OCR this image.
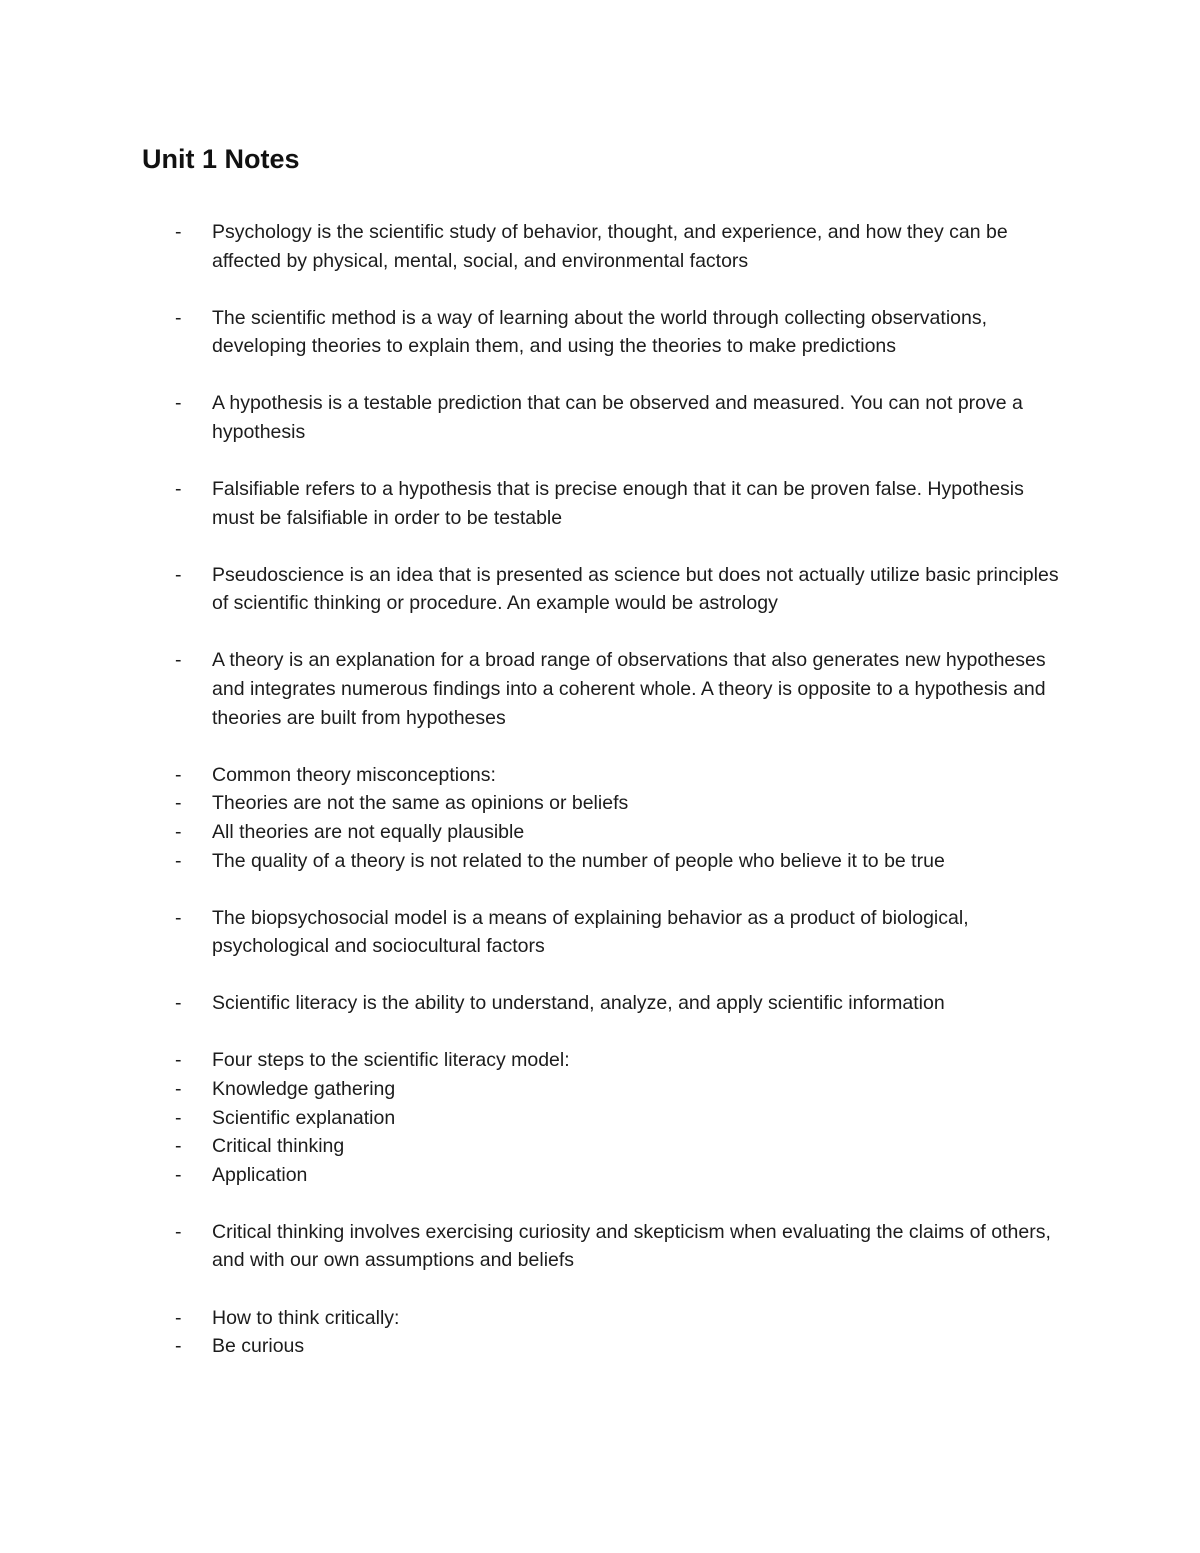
Unit 1 Notes
- Psychology is the scientific study of behavior, thought, and experience, and how they can be affected by physical, mental, social, and environmental factors
- The scientific method is a way of learning about the world through collecting observations, developing theories to explain them, and using the theories to make predictions
- A hypothesis is a testable prediction that can be observed and measured. You can not prove a hypothesis
- Falsifiable refers to a hypothesis that is precise enough that it can be proven false. Hypothesis must be falsifiable in order to be testable
- Pseudoscience is an idea that is presented as science but does not actually utilize basic principles of scientific thinking or procedure. An example would be astrology
- A theory is an explanation for a broad range of observations that also generates new hypotheses and integrates numerous findings into a coherent whole. A theory is opposite to a hypothesis and theories are built from hypotheses
- Common theory misconceptions:
- Theories are not the same as opinions or beliefs
- All theories are not equally plausible
- The quality of a theory is not related to the number of people who believe it to be true
- The biopsychosocial model is a means of explaining behavior as a product of biological, psychological and sociocultural factors
- Scientific literacy is the ability to understand, analyze, and apply scientific information
- Four steps to the scientific literacy model:
- Knowledge gathering
- Scientific explanation
- Critical thinking
- Application
- Critical thinking involves exercising curiosity and skepticism when evaluating the claims of others, and with our own assumptions and beliefs
- How to think critically:
- Be curious
